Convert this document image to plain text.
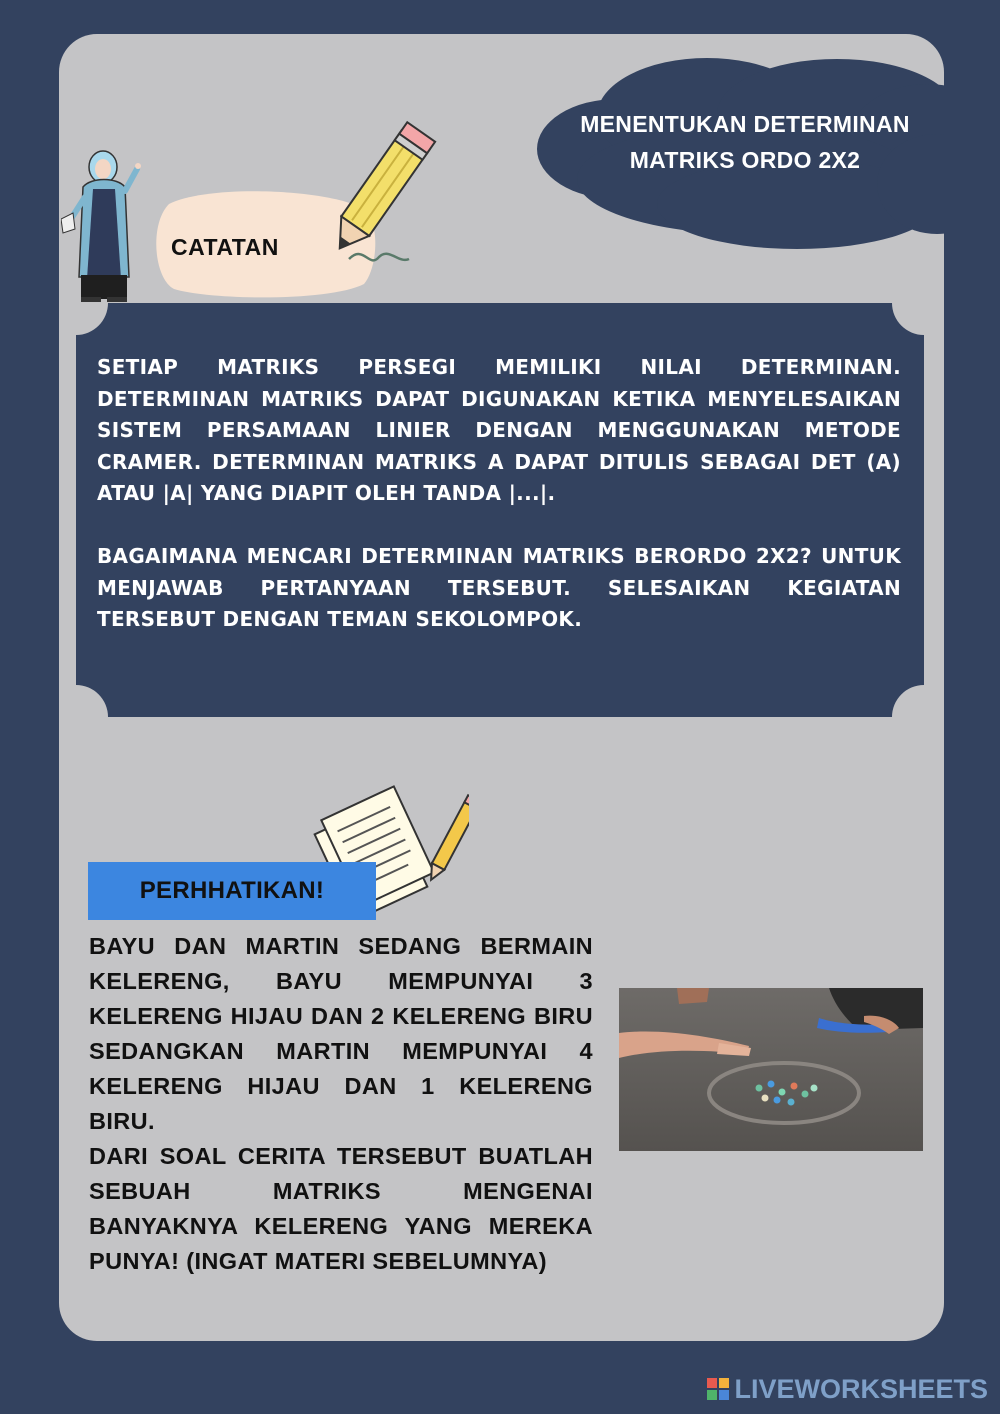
MENENTUKAN DETERMINAN
MATRIKS ORDO 2X2
CATATAN
PERHHATIKAN!
BAYU DAN MARTIN SEDANG BERMAIN
KELERENG, BAYU MEMPUNYAI 3
KELERENG HIJAU DAN 2 KELERENG BIRU
SEDANGKAN MARTIN MEMPUNYAI 4
KELERENG HIJAU DAN 1 KELERENG BIRU.
DARI SOAL CERITA TERSEBUT BUATLAH
SEBUAH MATRIKS MENGENAI
BANYAKNYA KELERENG YANG MEREKA
PUNYA! (INGAT MATERI SEBELUMNYA)

SETIAP MATRIKS PERSEGI MEMILIKI NILAI DETERMINAN. DETERMINAN MATRIKS DAPAT DIGUNAKAN KETIKA MENYELESAIKAN SISTEM PERSAMAAN LINIER DENGAN MENGGUNAKAN METODE CRAMER. DETERMINAN MATRIKS A DAPAT DITULIS SEBAGAI DET (A) ATAU |A| YANG DIAPIT OLEH TANDA |...|.

BAGAIMANA MENCARI DETERMINAN MATRIKS BERORDO 2X2? UNTUK MENJAWAB PERTANYAAN TERSEBUT. SELESAIKAN KEGIATAN TERSEBUT DENGAN TEMAN SEKOLOMPOK.

LIVEWORKSHEETS
